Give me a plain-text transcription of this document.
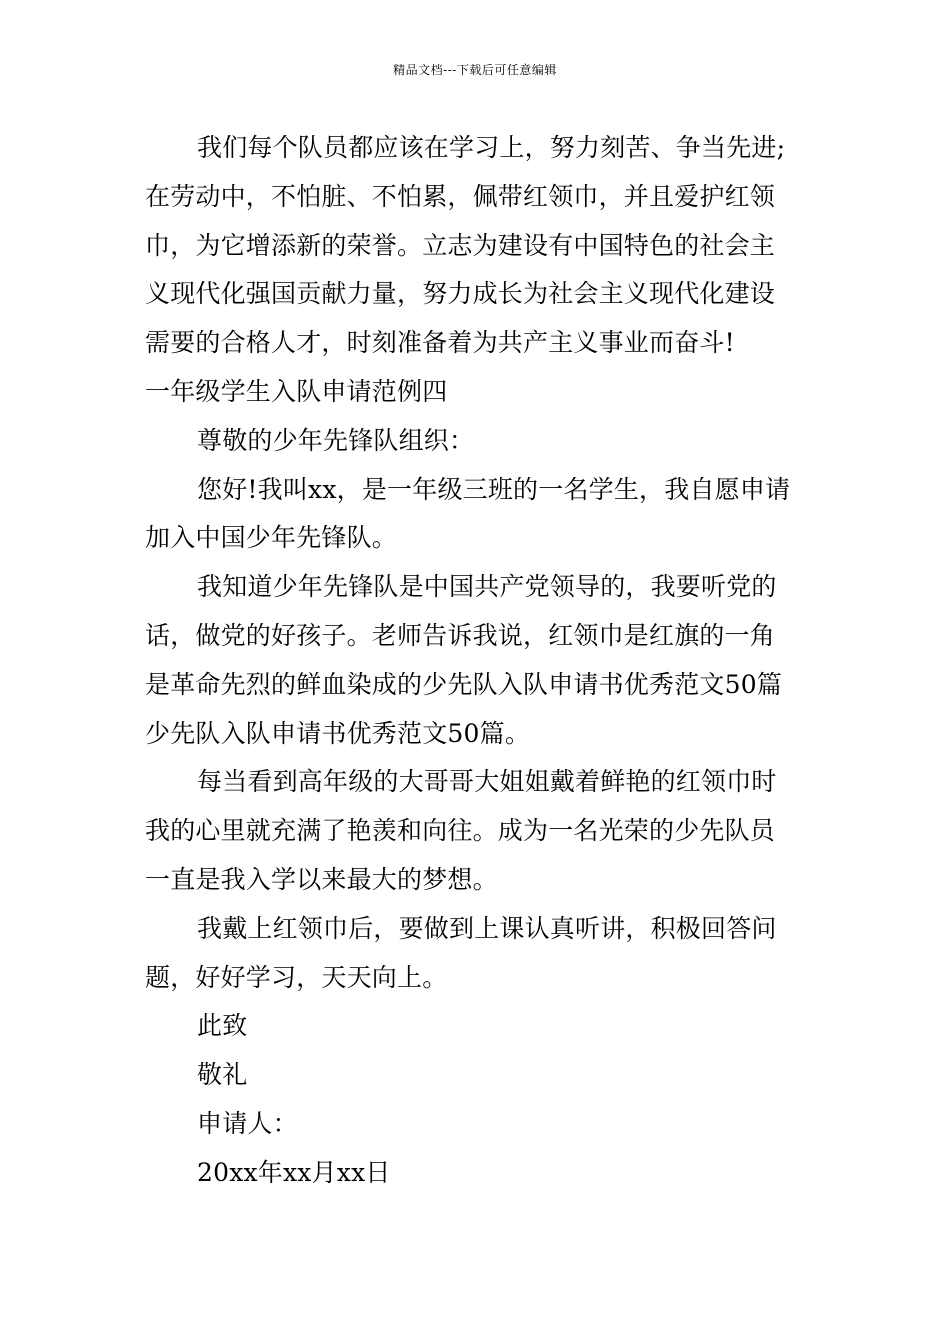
精品文档---下载后可任意编辑
我们每个队员都应该在学习上，努力刻苦、争当先进;
在劳动中，不怕脏、不怕累，佩带红领巾，并且爱护红领
巾，为它增添新的荣誉。立志为建设有中国特色的社会主
义现代化强国贡献力量，努力成长为社会主义现代化建设
需要的合格人才，时刻准备着为共产主义事业而奋斗!
一年级学生入队申请范例四
尊敬的少年先锋队组织：
您好!我叫xx，是一年级三班的一名学生，我自愿申请
加入中国少年先锋队。
我知道少年先锋队是中国共产党领导的，我要听党的
话，做党的好孩子。老师告诉我说，红领巾是红旗的一角
是革命先烈的鲜血染成的少先队入队申请书优秀范文50篇
少先队入队申请书优秀范文50篇。
每当看到高年级的大哥哥大姐姐戴着鲜艳的红领巾时
我的心里就充满了艳羡和向往。成为一名光荣的少先队员
一直是我入学以来最大的梦想。
我戴上红领巾后，要做到上课认真听讲，积极回答问
题，好好学习，天天向上。
此致
敬礼
申请人：
20xx年xx月xx日
